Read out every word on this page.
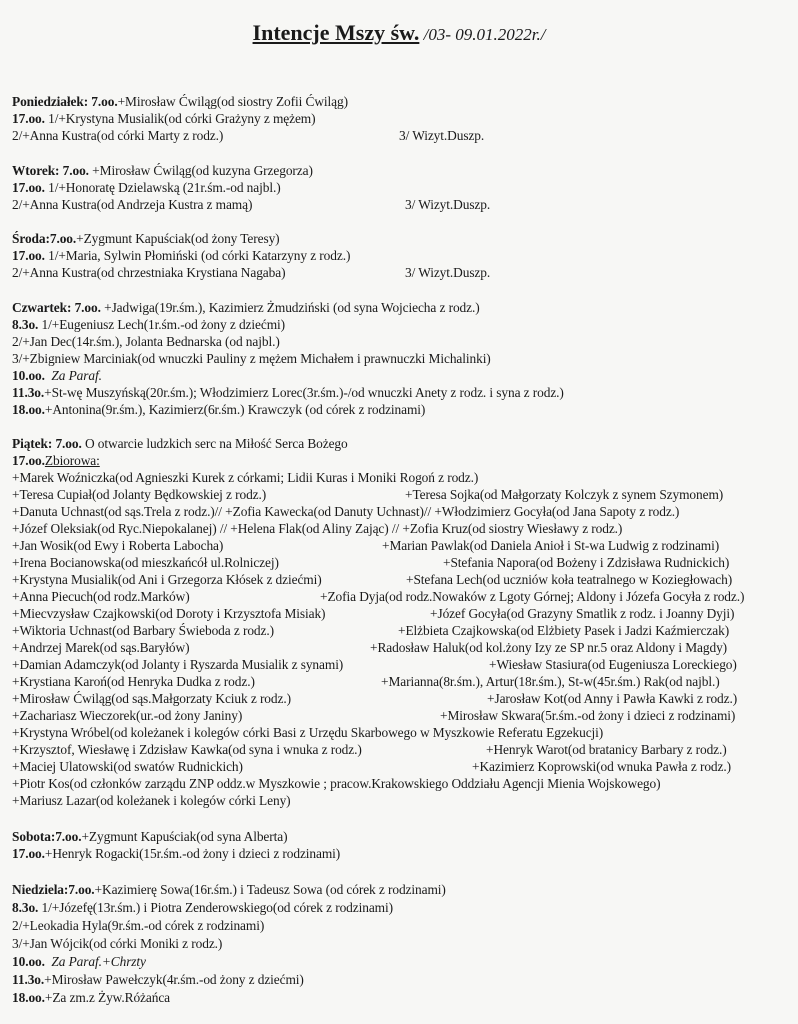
Intencje Mszy św. /03- 09.01.2022r./
Poniedziałek: 7.oo.+Mirosław Ćwiląg(od siostry Zofii Ćwiląg)
17.oo. 1/+Krystyna Musialik(od córki Grażyny z mężem)
2/+Anna Kustra(od córki Marty z rodz.)	3/ Wizyt.Duszp.
Wtorek: 7.oo. +Mirosław Ćwiląg(od kuzyna Grzegorza)
17.oo. 1/+Honoratę Dzielawską (21r.śm.-od najbl.)
2/+Anna Kustra(od Andrzeja Kustra z mamą)	3/ Wizyt.Duszp.
Środa:7.oo.+Zygmunt Kapuściak(od żony Teresy)
17.oo. 1/+Maria, Sylwin Płomiński (od córki Katarzyny z rodz.)
2/+Anna Kustra(od chrzestniaka Krystiana Nagaba)	3/ Wizyt.Duszp.
Czwartek: 7.oo. +Jadwiga(19r.śm.), Kazimierz Żmudziński (od syna Wojciecha z rodz.)
8.3o. 1/+Eugeniusz Lech(1r.śm.-od żony z dziećmi)
2/+Jan Dec(14r.śm.), Jolanta Bednarska (od najbl.)
3/+Zbigniew Marciniak(od wnuczki Pauliny z mężem Michałem i prawnuczki Michalinki)
10.oo. Za Paraf.
11.3o.+St-wę Muszyńską(20r.śm.); Włodzimierz Lorec(3r.śm.)-/od wnuczki Anety z rodz. i syna z rodz.)
18.oo.+Antonina(9r.śm.), Kazimierz(6r.śm.) Krawczyk (od córek z rodzinami)
Piątek: 7.oo. O otwarcie ludzkich serc na Miłość Serca Bożego
17.oo.Zbiorowa:
+Marek Woźniczka(od Agnieszki Kurek z córkami; Lidii Kuras i Moniki Rogoń z rodz.)
+Teresa Cupiał(od Jolanty Będkowskiej z rodz.)	+Teresa Sojka(od Małgorzaty Kolczyk z synem Szymonem)
+Danuta Uchnast(od sąs.Trela z rodz.)// +Zofia Kawecka(od Danuty Uchnast)// +Włodzimierz Gocyła(od Jana Sapoty z rodz.)
+Józef Oleksiak(od Ryc.Niepokalanej) // +Helena Flak(od Aliny Zając) // +Zofia Kruz(od siostry Wiesławy z rodz.)
+Jan Wosik(od Ewy i Roberta Labocha)	+Marian Pawlak(od Daniela Anioł i St-wa Ludwig z rodzinami)
+Irena Bocianowska(od mieszkańcół ul.Rolniczej)	+Stefania Napora(od Bożeny i Zdzisława Rudnickich)
+Krystyna Musialik(od Ani i Grzegorza Kłósek z dziećmi)	+Stefana Lech(od uczniów koła teatralnego w Koziegłowach)
+Anna Piecuch(od rodz.Marków)	+Zofia Dyja(od rodz.Nowaków z Lgoty Górnej; Aldony i Józefa Gocyła z rodz.)
+Miecvzysław Czajkowski(od Doroty i Krzysztofa Misiak)	+Józef Gocyła(od Grazyny Smatlik z rodz. i Joanny Dyji)
+Wiktoria Uchnast(od Barbary Świeboda z rodz.)	+Elżbieta Czajkowska(od Elżbiety Pasek i Jadzi Kaźmierczak)
+Andrzej Marek(od sąs.Baryłów)	+Radosław Haluk(od kol.żony Izy ze SP nr.5 oraz Aldony i Magdy)
+Damian Adamczyk(od Jolanty i Ryszarda Musialik z synami)	+Wiesław Stasiura(od Eugeniusza Loreckiego)
+Krystiana Karoń(od Henryka Dudka z rodz.)	+Marianna(8r.śm.), Artur(18r.śm.), St-w(45r.śm.) Rak(od najbl.)
+Mirosław Ćwiląg(od sąs.Małgorzaty Kciuk z rodz.)	+Jarosław Kot(od Anny i Pawła Kawki z rodz.)
+Zachariasz Wieczorek(ur.-od żony Janiny)	+Mirosław Skwara(5r.śm.-od żony i dzieci z rodzinami)
+Krystyna Wróbel(od koleżanek i kolegów córki Basi z Urzędu Skarbowego w Myszkowie Referatu Egzekucji)
+Krzysztof, Wiesławę i Zdzisław Kawka(od syna i wnuka z rodz.)	+Henryk Warot(od bratanicy Barbary z rodz.)
+Maciej Ulatowski(od swatów Rudnickich)	+Kazimierz Koprowski(od wnuka Pawła z rodz.)
+Piotr Kos(od członków zarządu ZNP oddz.w Myszkowie ; pracow.Krakowskiego Oddziału Agencji Mienia Wojskowego)
+Mariusz Lazar(od koleżanek i kolegów córki Leny)
Sobota:7.oo.+Zygmunt Kapuściak(od syna Alberta)
17.oo.+Henryk Rogacki(15r.śm.-od żony i dzieci z rodzinami)
Niedziela:7.oo.+Kazimierę Sowa(16r.śm.) i Tadeusz Sowa (od córek z rodzinami)
8.3o. 1/+Józefę(13r.śm.) i Piotra Zenderowskiego(od córek z rodzinami)
2/+Leokadia Hyla(9r.śm.-od córek z rodzinami)
3/+Jan Wójcik(od córki Moniki z rodz.)
10.oo. Za Paraf.+Chrzty
11.3o.+Mirosław Pawełczyk(4r.śm.-od żony z dziećmi)
18.oo.+Za zm.z Żyw.Różańca
